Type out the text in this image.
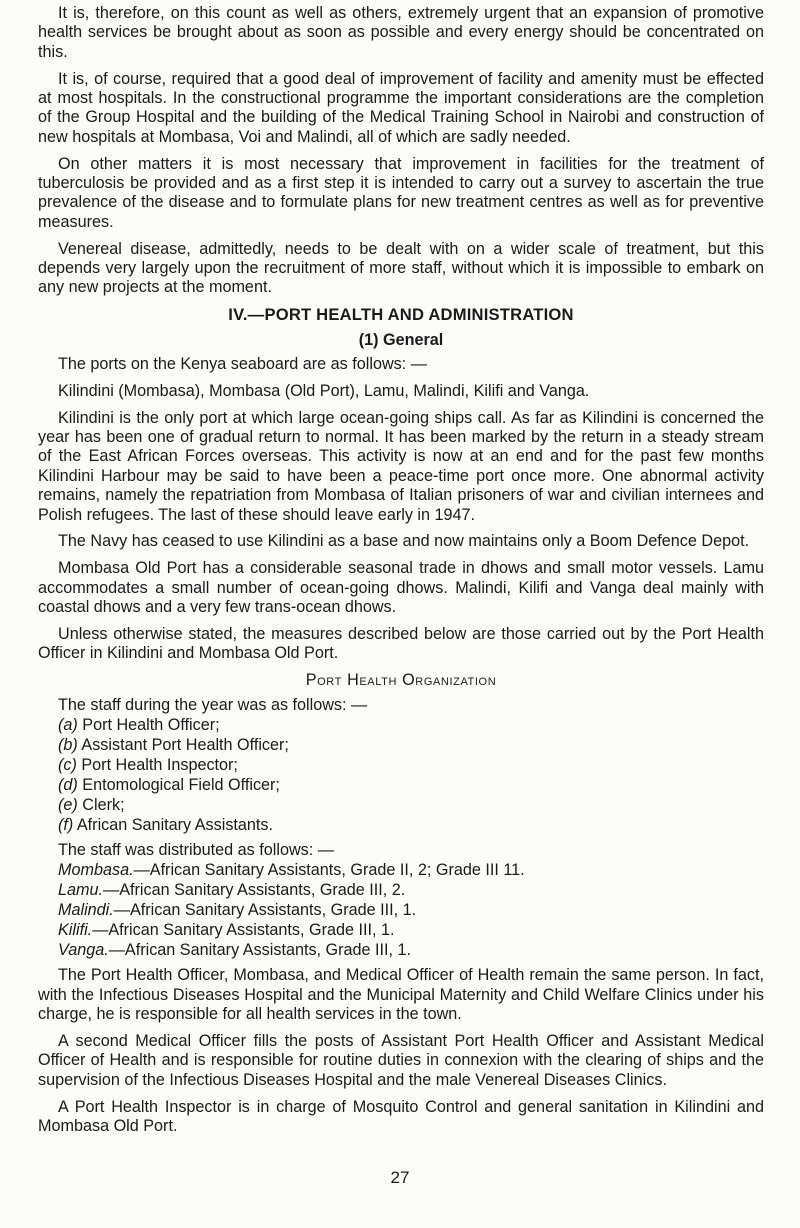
It is, therefore, on this count as well as others, extremely urgent that an expansion of promotive health services be brought about as soon as possible and every energy should be concentrated on this.

It is, of course, required that a good deal of improvement of facility and amenity must be effected at most hospitals. In the constructional programme the important considerations are the completion of the Group Hospital and the building of the Medical Training School in Nairobi and construction of new hospitals at Mombasa, Voi and Malindi, all of which are sadly needed.

On other matters it is most necessary that improvement in facilities for the treatment of tuberculosis be provided and as a first step it is intended to carry out a survey to ascertain the true prevalence of the disease and to formulate plans for new treatment centres as well as for preventive measures.

Venereal disease, admittedly, needs to be dealt with on a wider scale of treatment, but this depends very largely upon the recruitment of more staff, without which it is impossible to embark on any new projects at the moment.

IV.—PORT HEALTH AND ADMINISTRATION
(1) General

The ports on the Kenya seaboard are as follows: —

Kilindini (Mombasa), Mombasa (Old Port), Lamu, Malindi, Kilifi and Vanga.

Kilindini is the only port at which large ocean-going ships call. As far as Kilindini is concerned the year has been one of gradual return to normal. It has been marked by the return in a steady stream of the East African Forces overseas. This activity is now at an end and for the past few months Kilindini Harbour may be said to have been a peace-time port once more. One abnormal activity remains, namely the repatriation from Mombasa of Italian prisoners of war and civilian internees and Polish refugees. The last of these should leave early in 1947.

The Navy has ceased to use Kilindini as a base and now maintains only a Boom Defence Depot.

Mombasa Old Port has a considerable seasonal trade in dhows and small motor vessels. Lamu accommodates a small number of ocean-going dhows. Malindi, Kilifi and Vanga deal mainly with coastal dhows and a very few trans-ocean dhows.

Unless otherwise stated, the measures described below are those carried out by the Port Health Officer in Kilindini and Mombasa Old Port.

Port Health Organization

The staff during the year was as follows: —

(a) Port Health Officer;
(b) Assistant Port Health Officer;
(c) Port Health Inspector;
(d) Entomological Field Officer;
(e) Clerk;
(f) African Sanitary Assistants.

The staff was distributed as follows: —

Mombasa.—African Sanitary Assistants, Grade II, 2; Grade III 11.
Lamu.—African Sanitary Assistants, Grade III, 2.
Malindi.—African Sanitary Assistants, Grade III, 1.
Kilifi.—African Sanitary Assistants, Grade III, 1.
Vanga.—African Sanitary Assistants, Grade III, 1.

The Port Health Officer, Mombasa, and Medical Officer of Health remain the same person. In fact, with the Infectious Diseases Hospital and the Municipal Maternity and Child Welfare Clinics under his charge, he is responsible for all health services in the town.

A second Medical Officer fills the posts of Assistant Port Health Officer and Assistant Medical Officer of Health and is responsible for routine duties in connexion with the clearing of ships and the supervision of the Infectious Diseases Hospital and the male Venereal Diseases Clinics.

A Port Health Inspector is in charge of Mosquito Control and general sanitation in Kilindini and Mombasa Old Port.

27
